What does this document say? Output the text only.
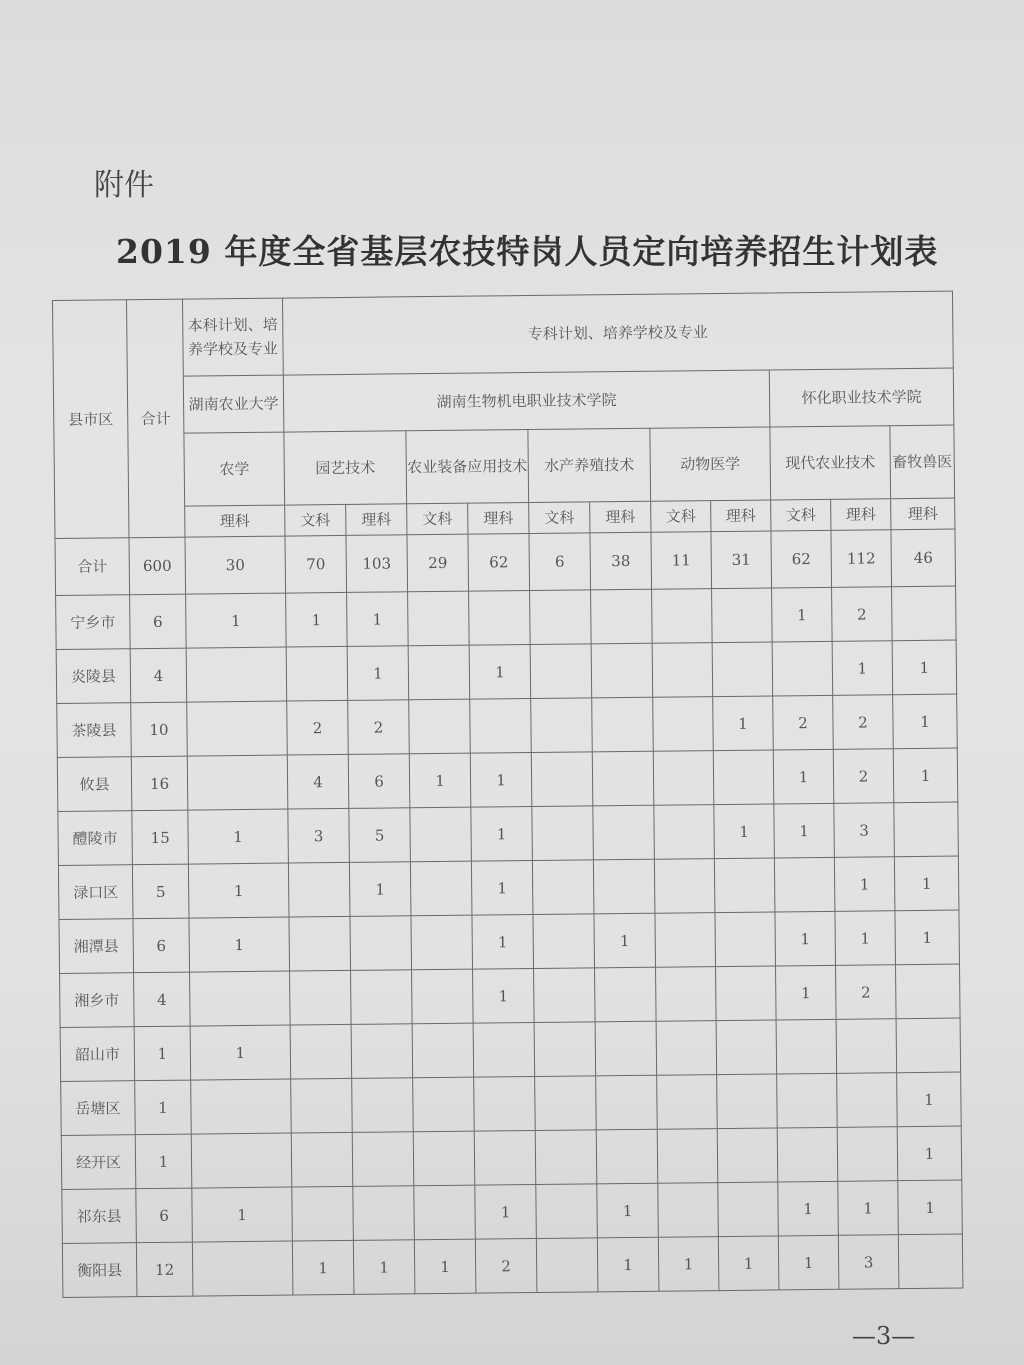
附件
2019 年度全省基层农技特岗人员定向培养招生计划表
县市区	合计	本科计划、培养学校及专业	专科计划、培养学校及专业										
		湖南农业大学	湖南生物机电职业技术学院								怀化职业技术学院		
		农学	园艺技术		农业装备应用技术		水产养殖技术		动物医学		现代农业技术		畜牧兽医
		理科	文科	理科	文科	理科	文科	理科	文科	理科	文科	理科	理科
合计	600	30	70	103	29	62	6	38	11	31	62	112	46
宁乡市	6	1	1	1							1	2	
炎陵县	4			1		1						1	1
茶陵县	10		2	2						1	2	2	1
攸县	16		4	6	1	1					1	2	1
醴陵市	15	1	3	5		1				1	1	3	
渌口区	5	1		1		1						1	1
湘潭县	6	1				1		1			1	1	1
湘乡市	4					1					1	2	
韶山市	1	1											
岳塘区	1												1
经开区	1												1
祁东县	6	1				1		1			1	1	1
衡阳县	12		1	1	1	2		1	1	1	1	3	
—3—
